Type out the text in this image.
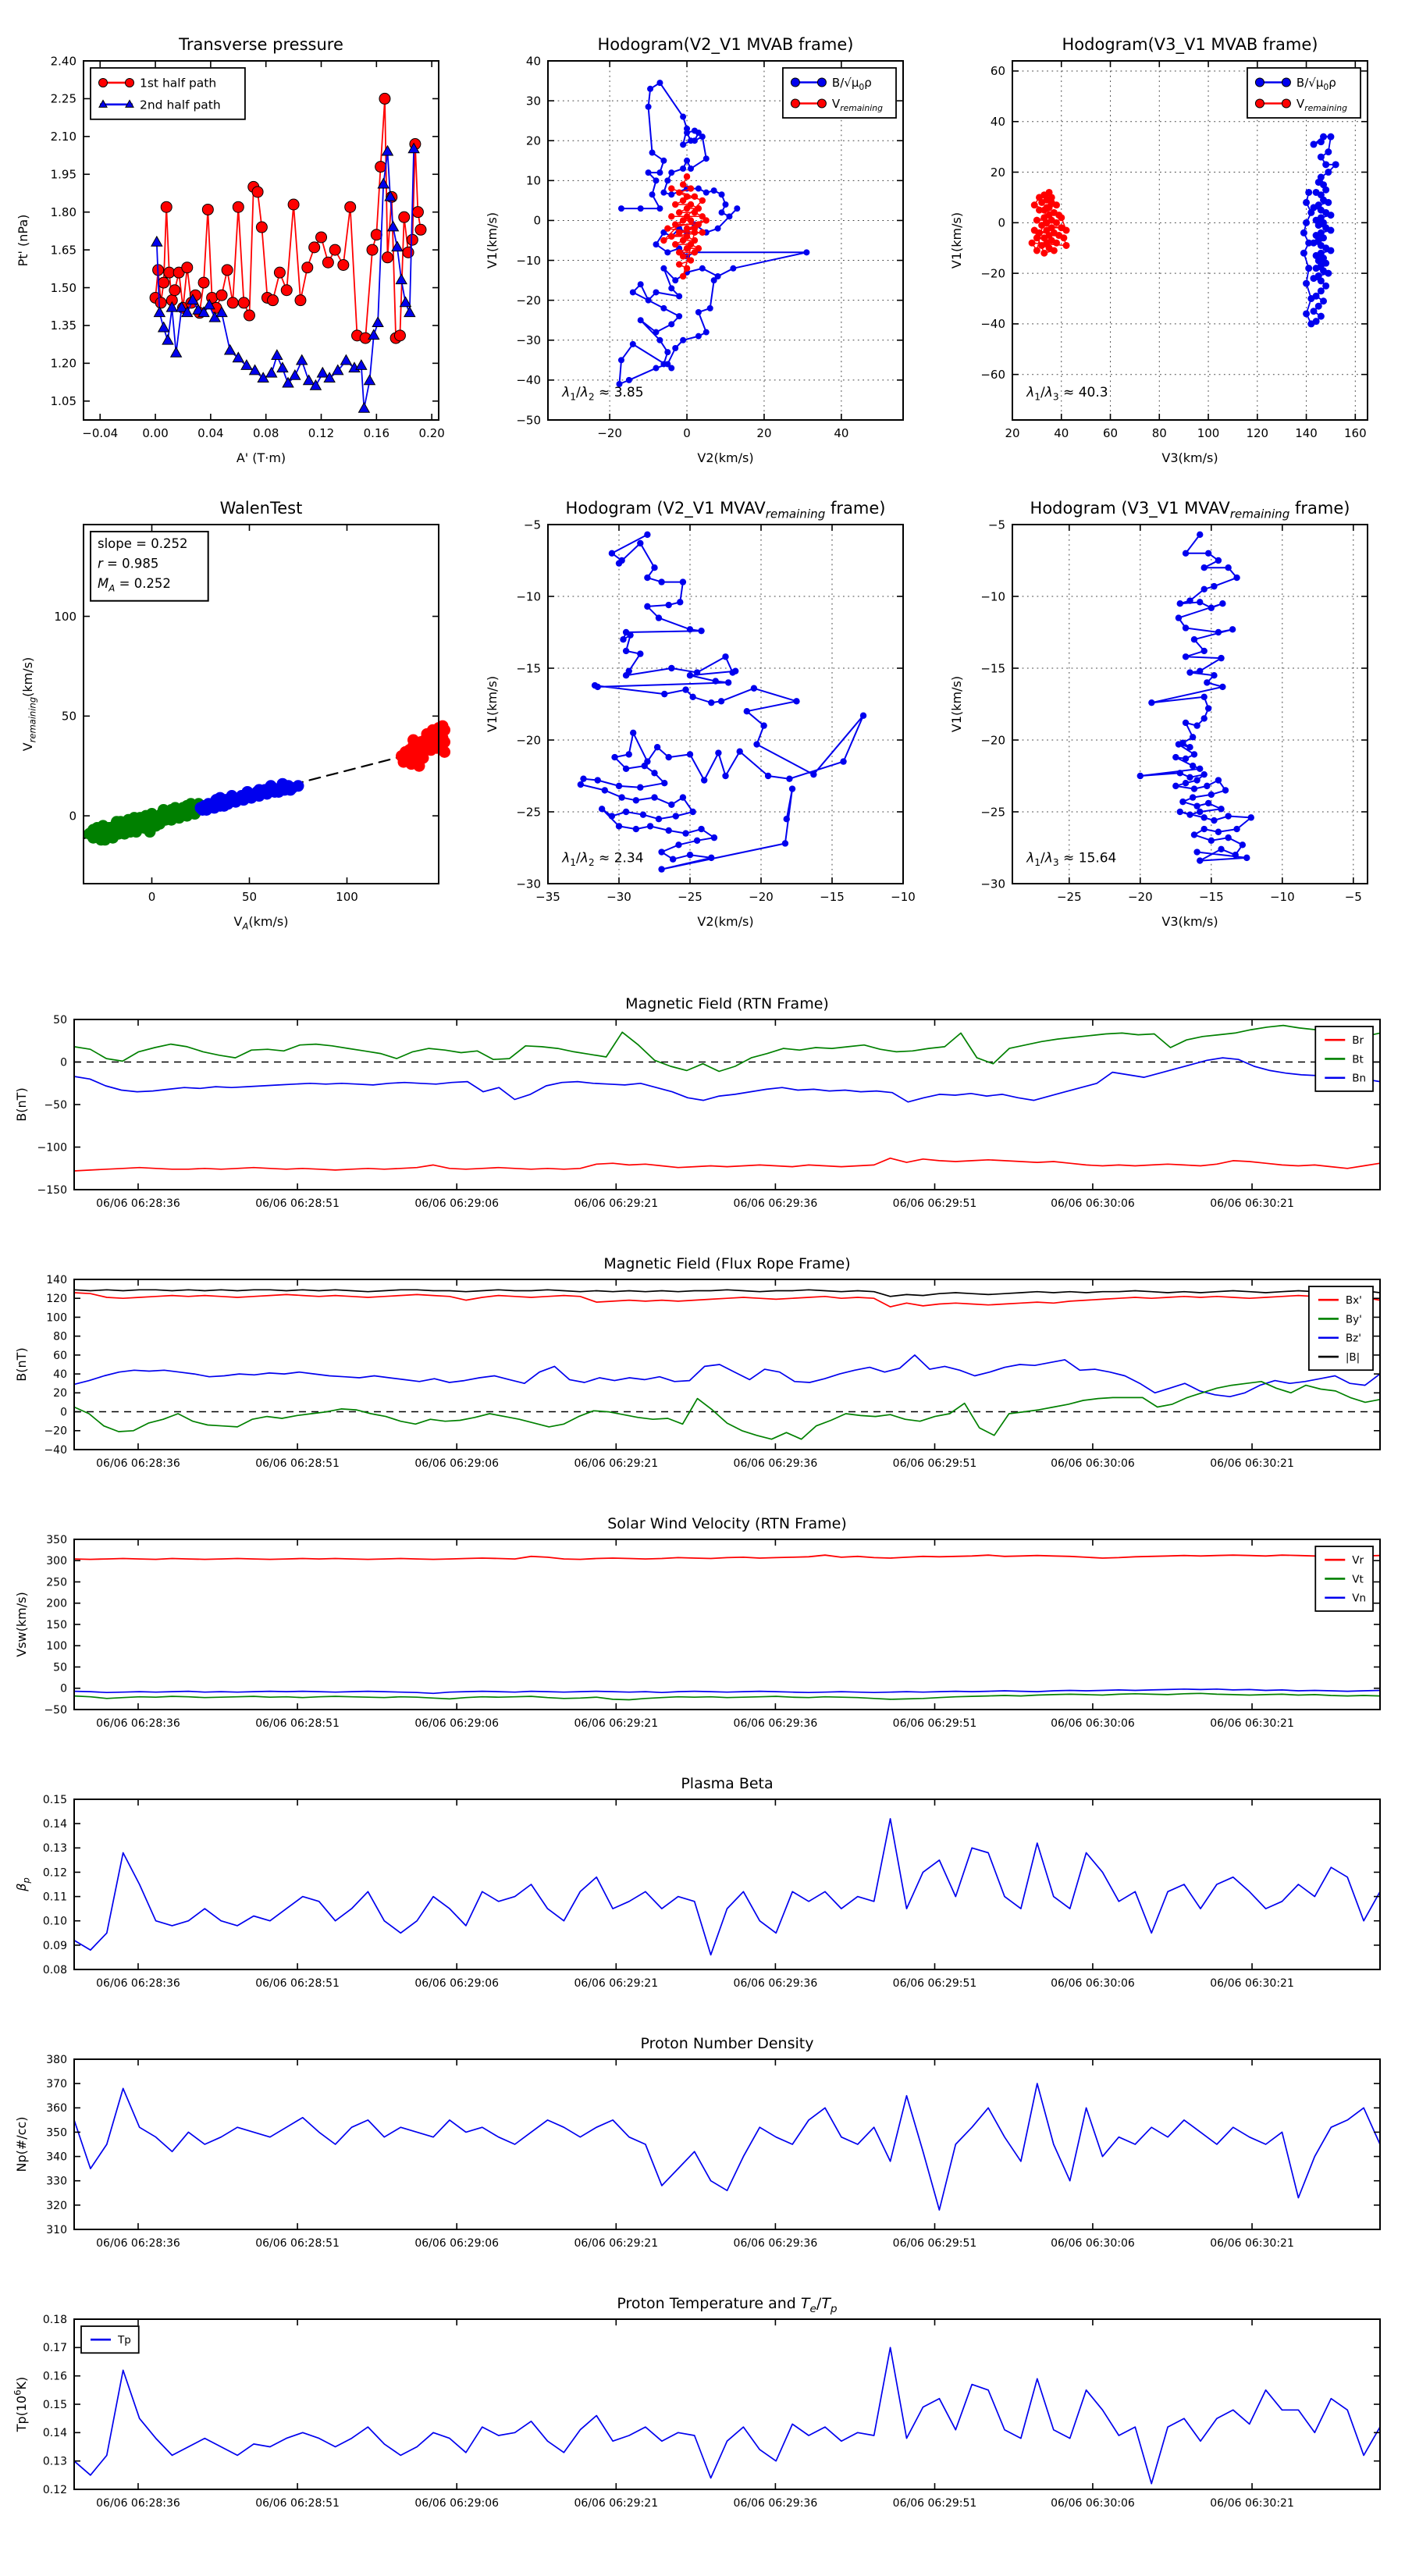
−0.04 0.00 0.04 0.08 0.12 0.16 0.20
1.05
1.20
1.35
1.50
1.65
1.80
1.95
2.10
2.25
2.40
Transverse pressure
A' (T·m)
Pt' (nPa)
1st half path
2nd half path
−20	0	20	40
−50
−40
−30
−20
−10
0
10
20
30
40
Hodogram(V2_V1 MVAB frame)
V2(km/s)
V1(km/s)
$\lambda_1/\lambda_2 \approx 3.85$
$B/√\mu_0\rho$
$V_{remaining}$
20	40	60	80	100 120 140 160
−60
−40
−20
0
20
40
60
Hodogram(V3_V1 MVAB frame)
V3(km/s)
V1(km/s)
$\lambda_1/\lambda_3 \approx 40.3$
$B/√\mu_0\rho$
$V_{remaining}$
0	50	100
0
50
100
WalenTest
$V_A(km/s)$
$V_{remaining}(km/s)$
slope = 0.252
r = 0.985
$M_A = 0.252$
−35	−30	−25	−20	−15	−10
−30
−25
−20
−15
−10
−5
Hodogram (V2_V1 $MVAV_{remaining}$ frame)
V2(km/s)
V1(km/s)
$\lambda_1/\lambda_2 \approx 2.34$
−25	−20	−15	−10	−5
−30
−25
−20
−15
−10
−5
Hodogram (V3_V1 $MVAV_{remaining}$ frame)
V3(km/s)
V1(km/s)
$\lambda_1/\lambda_3 \approx 15.64$
06/06 06:28:36	06/06 06:28:51	06/06 06:29:06	06/06 06:29:21	06/06 06:29:36	06/06 06:29:51	06/06 06:30:06	06/06 06:30:21
−150
−100
−50
0
50
Magnetic Field (RTN Frame)
B(nT)
Br
Bt
Bn
06/06 06:28:36	06/06 06:28:51	06/06 06:29:06	06/06 06:29:21	06/06 06:29:36	06/06 06:29:51	06/06 06:30:06	06/06 06:30:21
−40
−20
0
20
40
60
80
100
120
140
Magnetic Field (Flux Rope Frame)
B(nT)
Bx'
By'
Bz'
|B|
06/06 06:28:36	06/06 06:28:51	06/06 06:29:06	06/06 06:29:21	06/06 06:29:36	06/06 06:29:51	06/06 06:30:06	06/06 06:30:21
−50
0
50
100
150
200
250
300
350
Solar Wind Velocity (RTN Frame)
Vsw(km/s)
Vr
Vt
Vn
06/06 06:28:36	06/06 06:28:51	06/06 06:29:06	06/06 06:29:21	06/06 06:29:36	06/06 06:29:51	06/06 06:30:06	06/06 06:30:21
0.08
0.09
0.10
0.11
0.12
0.13
0.14
0.15
Plasma Beta
$\beta_p$
06/06 06:28:36	06/06 06:28:51	06/06 06:29:06	06/06 06:29:21	06/06 06:29:36	06/06 06:29:51	06/06 06:30:06	06/06 06:30:21
310
320
330
340
350
360
370
380
Proton Number Density
Np(#/cc)
06/06 06:28:36	06/06 06:28:51	06/06 06:29:06	06/06 06:29:21	06/06 06:29:36	06/06 06:29:51	06/06 06:30:06	06/06 06:30:21
0.12
0.13
0.14
0.15
0.16
0.17
0.18
Proton Temperature and $T_e/T_p$
$Tp(10^6K)$
Tp
